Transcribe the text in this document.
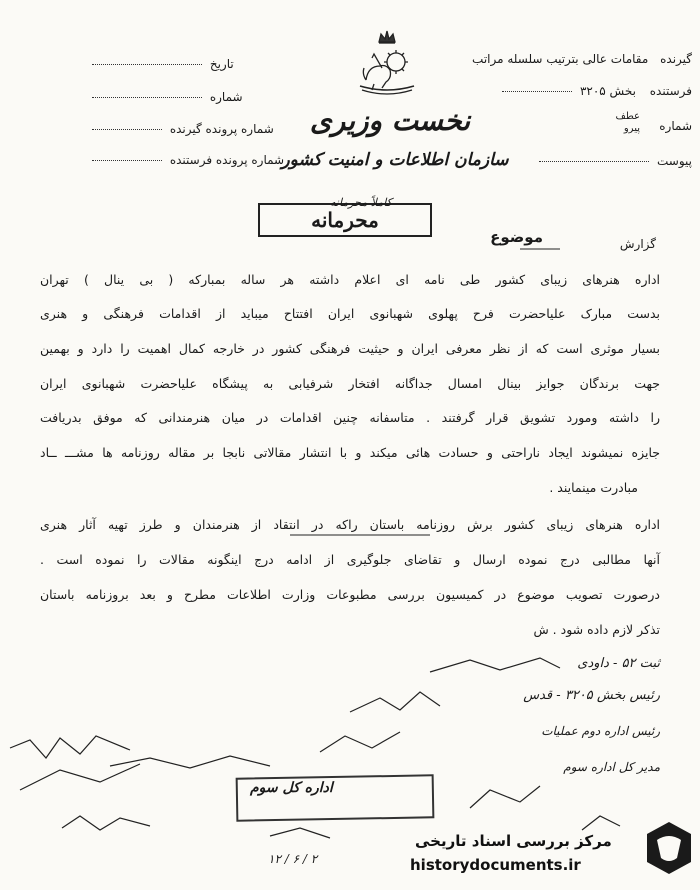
گیرنده مقامات عالی بترتیب سلسله مراتب
فرستنده بخش ۳۲۰۵
شماره
عطف
پیرو
پیوست
تاریخ
شماره
شماره پرونده گیرنده
شماره پرونده فرستنده
نخست وزیری
سازمان اطلاعات و امنیت کشور
محرمانه
کاملاً محرمانه
موضوع	گزارش
اداره هنرهای زیبای کشور طی نامه ای اعلام داشته هر ساله بمبارکه ( بی ینال ) تهران
بدست مبارک علیاحضرت فرح پهلوی شهبانوی ایران افتتاح میباید از اقدامات فرهنگی و هنری
بسیار موثری است که از نظر معرفی ایران و حیثیت فرهنگی کشور در خارجه کمال اهمیت را دارد و بهمین
جهت برندگان جوایز بینال امسال جداگانه افتخار شرفیابی به پیشگاه علیاحضرت شهبانوی ایران
را داشته ومورد تشویق قرار گرفتند . متاسفانه چنین اقدامات در میان هنرمندانی که موفق بدریافت
جایزه نمیشوند ایجاد ناراحتی و حسادت هائی میکند و با انتشار مقالاتی نابجا بر مقاله روزنامه ها مشـــ ــاد
مبادرت مینمایند .
اداره هنرهای زیبای کشور برش روزنامه باستان راکه در انتقاد از هنرمندان و طرز تهیه آثار هنری
آنها مطالبی درج نموده ارسال و تقاضای جلوگیری از ادامه درج اینگونه مقالات را نموده است .
درصورت تصویب موضوع در کمیسیون بررسی مطبوعات وزارت اطلاعات مطرح و بعد بروزنامه باستان
تذکر لازم داده شود . ش
ثبت ۵۲ - داودی
رئیس بخش ۳۲۰۵ - قدس
رئیس اداره دوم عملیات
مدیر کل اداره سوم
اداره کل سوم
۲ / ۶ / ۱۲
مرکز بررسی اسناد تاریخی
historydocuments.ir
